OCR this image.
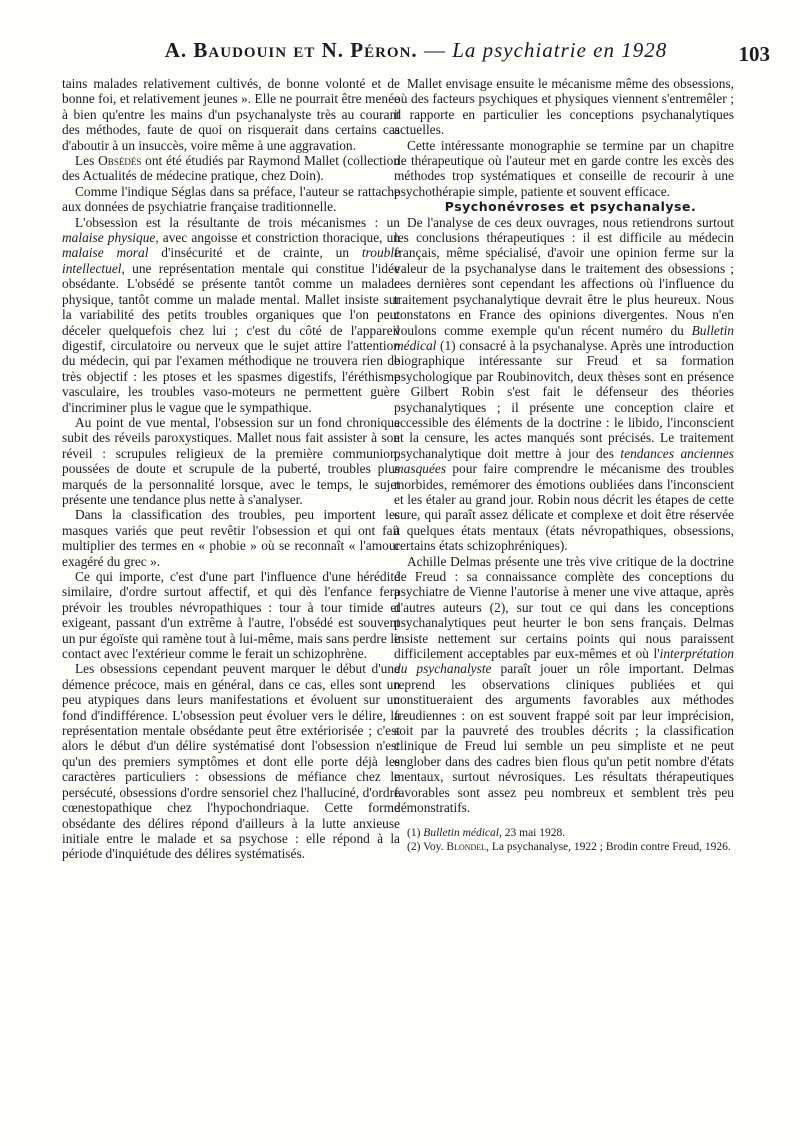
A. Baudouin et N. Péron. — La psychiatrie en 1928	103

tains malades relativement cultivés, de bonne volonté et de bonne foi, et relativement jeunes ». Elle ne pourrait être menée à bien qu'entre les mains d'un psychanalyste très au courant des méthodes, faute de quoi on risquerait dans certains cas d'aboutir à un insuccès, voire même à une aggravation.

Les Obsédés ont été étudiés par Raymond Mallet (collection des Actualités de médecine pratique, chez Doin).

Comme l'indique Séglas dans sa préface, l'auteur se rattache aux données de psychiatrie française traditionnelle.

L'obsession est la résultante de trois mécanismes : un malaise physique, avec angoisse et constriction thoracique, un malaise moral d'insécurité et de crainte, un trouble intellectuel, une représentation mentale qui constitue l'idée obsédante. L'obsédé se présente tantôt comme un malade physique, tantôt comme un malade mental. Mallet insiste sur la variabilité des petits troubles organiques que l'on peut déceler quelquefois chez lui ; c'est du côté de l'appareil digestif, circulatoire ou nerveux que le sujet attire l'attention du médecin, qui par l'examen méthodique ne trouvera rien de très objectif : les ptoses et les spasmes digestifs, l'éréthisme vasculaire, les troubles vaso-moteurs ne permettent guère d'incriminer plus le vague que le sympathique.

Au point de vue mental, l'obsession sur un fond chronique subit des réveils paroxystiques. Mallet nous fait assister à son réveil : scrupules religieux de la première communion, poussées de doute et scrupule de la puberté, troubles plus marqués de la personnalité lorsque, avec le temps, le sujet présente une tendance plus nette à s'analyser.

Dans la classification des troubles, peu importent les masques variés que peut revêtir l'obsession et qui ont fait multiplier des termes en « phobie » où se reconnaît « l'amour exagéré du grec ».

Ce qui importe, c'est d'une part l'influence d'une hérédité similaire, d'ordre surtout affectif, et qui dès l'enfance fera prévoir les troubles névropathiques : tour à tour timide et exigeant, passant d'un extrême à l'autre, l'obsédé est souvent un pur égoïste qui ramène tout à lui-même, mais sans perdre le contact avec l'extérieur comme le ferait un schizophrène.

Les obsessions cependant peuvent marquer le début d'une démence précoce, mais en général, dans ce cas, elles sont un peu atypiques dans leurs manifestations et évoluent sur un fond d'indifférence. L'obsession peut évoluer vers le délire, la représentation mentale obsédante peut être extériorisée ; c'est alors le début d'un délire systématisé dont l'obsession n'est qu'un des premiers symptômes et dont elle porte déjà les caractères particuliers : obsessions de méfiance chez le persécuté, obsessions d'ordre sensoriel chez l'halluciné, d'ordre cœnestopathique chez l'hypochondriaque. Cette forme obsédante des délires répond d'ailleurs à la lutte anxieuse initiale entre le malade et sa psychose : elle répond à la période d'inquiétude des délires systématisés.

Mallet envisage ensuite le mécanisme même des obsessions, où des facteurs psychiques et physiques viennent s'entremêler ; il rapporte en particulier les conceptions psychanalytiques actuelles.

Cette intéressante monographie se termine par un chapitre de thérapeutique où l'auteur met en garde contre les excès des méthodes trop systématiques et conseille de recourir à une psychothérapie simple, patiente et souvent efficace.

Psychonévroses et psychanalyse.

De l'analyse de ces deux ouvrages, nous retiendrons surtout les conclusions thérapeutiques : il est difficile au médecin français, même spécialisé, d'avoir une opinion ferme sur la valeur de la psychanalyse dans le traitement des obsessions ; ces dernières sont cependant les affections où l'influence du traitement psychanalytique devrait être le plus heureux. Nous constatons en France des opinions divergentes. Nous n'en voulons comme exemple qu'un récent numéro du Bulletin médical (1) consacré à la psychanalyse. Après une introduction biographique intéressante sur Freud et sa formation psychologique par Roubinovitch, deux thèses sont en présence : Gilbert Robin s'est fait le défenseur des théories psychanalytiques ; il présente une conception claire et accessible des éléments de la doctrine : le libido, l'inconscient et la censure, les actes manqués sont précisés. Le traitement psychanalytique doit mettre à jour des tendances anciennes masquées pour faire comprendre le mécanisme des troubles morbides, remémorer des émotions oubliées dans l'inconscient et les étaler au grand jour. Robin nous décrit les étapes de cette cure, qui paraît assez délicate et complexe et doit être réservée à quelques états mentaux (états névropathiques, obsessions, certains états schizophréniques).

Achille Delmas présente une très vive critique de la doctrine de Freud : sa connaissance complète des conceptions du psychiatre de Vienne l'autorise à mener une vive attaque, après d'autres auteurs (2), sur tout ce qui dans les conceptions psychanalytiques peut heurter le bon sens français. Delmas insiste nettement sur certains points qui nous paraissent difficilement acceptables par eux-mêmes et où l'interprétation du psychanalyste paraît jouer un rôle important. Delmas reprend les observations cliniques publiées et qui constitueraient des arguments favorables aux méthodes freudiennes : on est souvent frappé soit par leur imprécision, soit par la pauvreté des troubles décrits ; la classification clinique de Freud lui semble un peu simpliste et ne peut englober dans des cadres bien flous qu'un petit nombre d'états mentaux, surtout névrosiques. Les résultats thérapeutiques favorables sont assez peu nombreux et semblent très peu démonstratifs.

(1) Bulletin médical, 23 mai 1928.

(2) Voy. Blondel, La psychanalyse, 1922 ; Brodin contre Freud, 1926.
